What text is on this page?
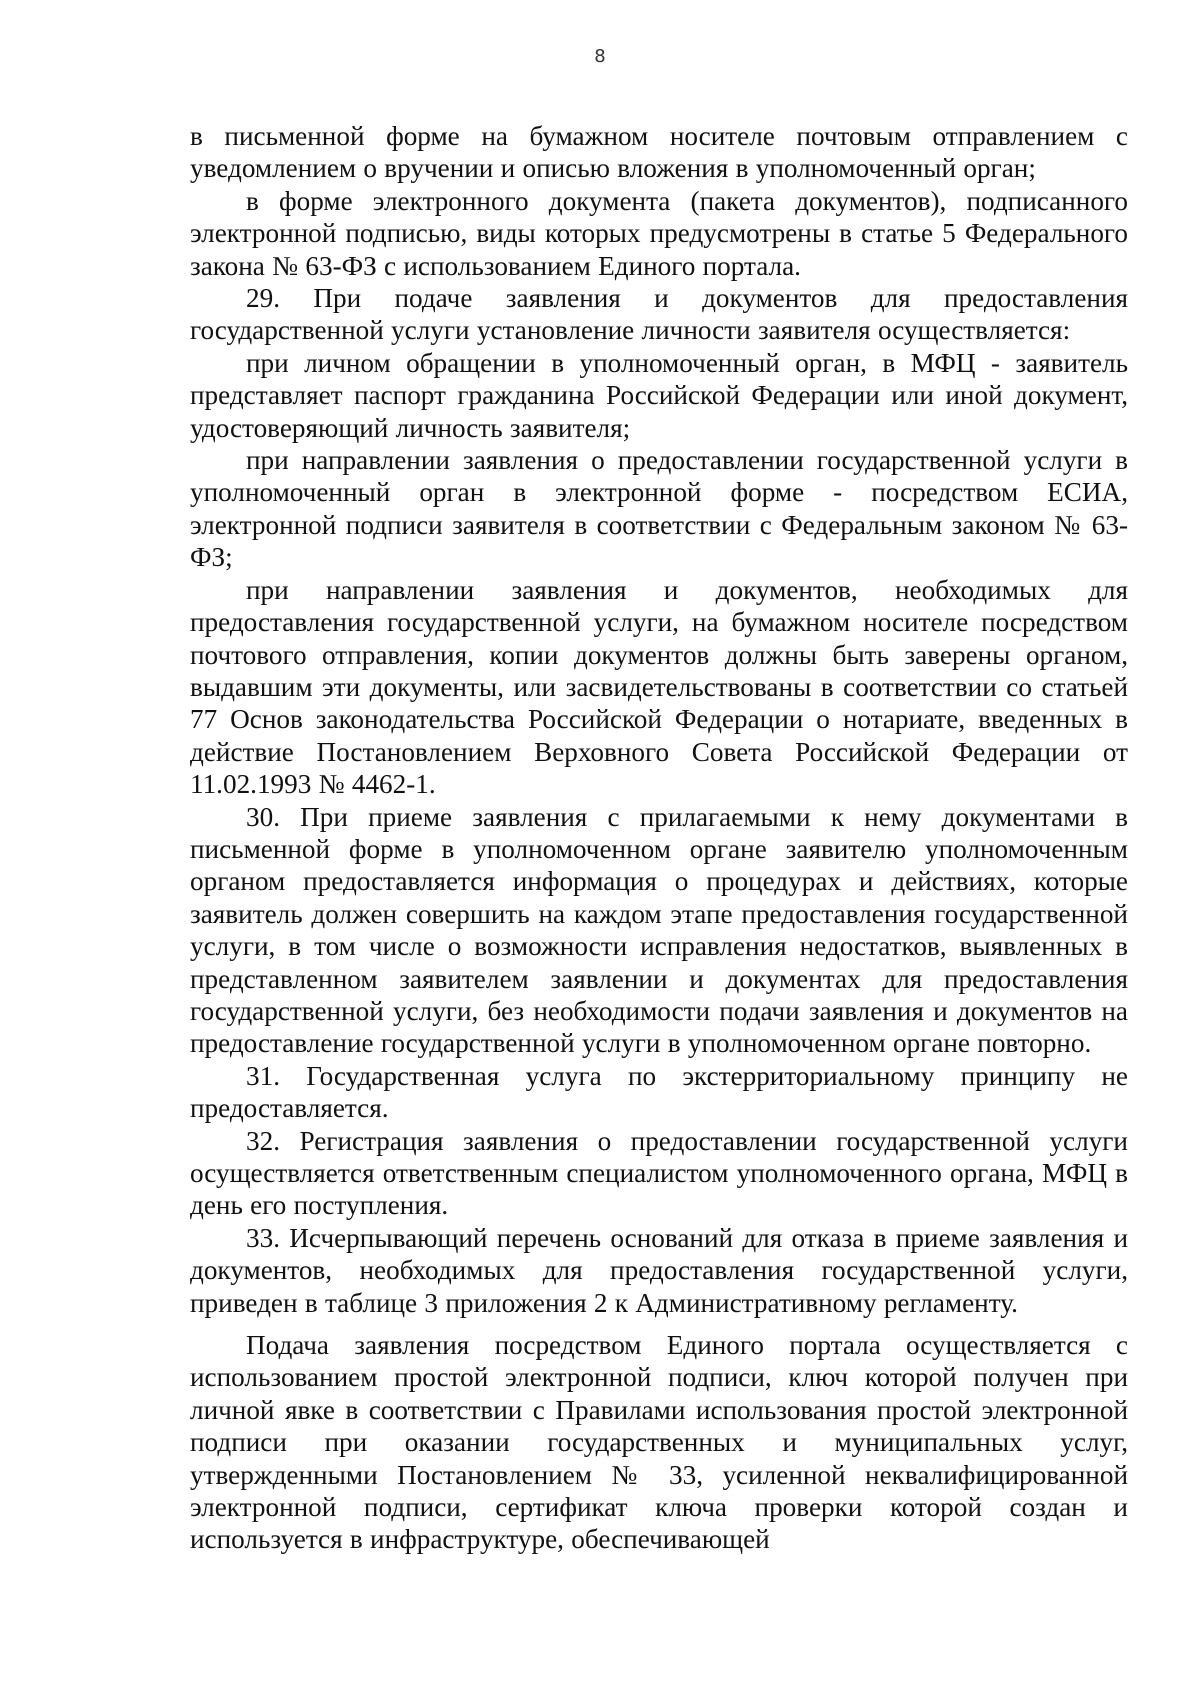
8

в письменной форме на бумажном носителе почтовым отправлением с уведомлением о вручении и описью вложения в уполномоченный орган;

в форме электронного документа (пакета документов), подписанного электронной подписью, виды которых предусмотрены в статье 5 Федерального закона № 63-ФЗ с использованием Единого портала.

29. При подаче заявления и документов для предоставления государственной услуги установление личности заявителя осуществляется:

при личном обращении в уполномоченный орган, в МФЦ - заявитель представляет паспорт гражданина Российской Федерации или иной документ, удостоверяющий личность заявителя;

при направлении заявления о предоставлении государственной услуги в уполномоченный орган в электронной форме - посредством ЕСИА, электронной подписи заявителя в соответствии с Федеральным законом № 63-ФЗ;

при направлении заявления и документов, необходимых для предоставления государственной услуги, на бумажном носителе посредством почтового отправления, копии документов должны быть заверены органом, выдавшим эти документы, или засвидетельствованы в соответствии со статьей 77 Основ законодательства Российской Федерации о нотариате, введенных в действие Постановлением Верховного Совета Российской Федерации от 11.02.1993 № 4462-1.

30. При приеме заявления с прилагаемыми к нему документами в письменной форме в уполномоченном органе заявителю уполномоченным органом предоставляется информация о процедурах и действиях, которые заявитель должен совершить на каждом этапе предоставления государственной услуги, в том числе о возможности исправления недостатков, выявленных в представленном заявителем заявлении и документах для предоставления государственной услуги, без необходимости подачи заявления и документов на предоставление государственной услуги в уполномоченном органе повторно.

31. Государственная услуга по экстерриториальному принципу не предоставляется.

32. Регистрация заявления о предоставлении государственной услуги осуществляется ответственным специалистом уполномоченного органа, МФЦ в день его поступления.

33. Исчерпывающий перечень оснований для отказа в приеме заявления и документов, необходимых для предоставления государственной услуги, приведен в таблице 3 приложения 2 к Административному регламенту.

Подача заявления посредством Единого портала осуществляется с использованием простой электронной подписи, ключ которой получен при личной явке в соответствии с Правилами использования простой электронной подписи при оказании государственных и муниципальных услуг, утвержденными Постановлением № 33, усиленной неквалифицированной электронной подписи, сертификат ключа проверки которой создан и используется в инфраструктуре, обеспечивающей
